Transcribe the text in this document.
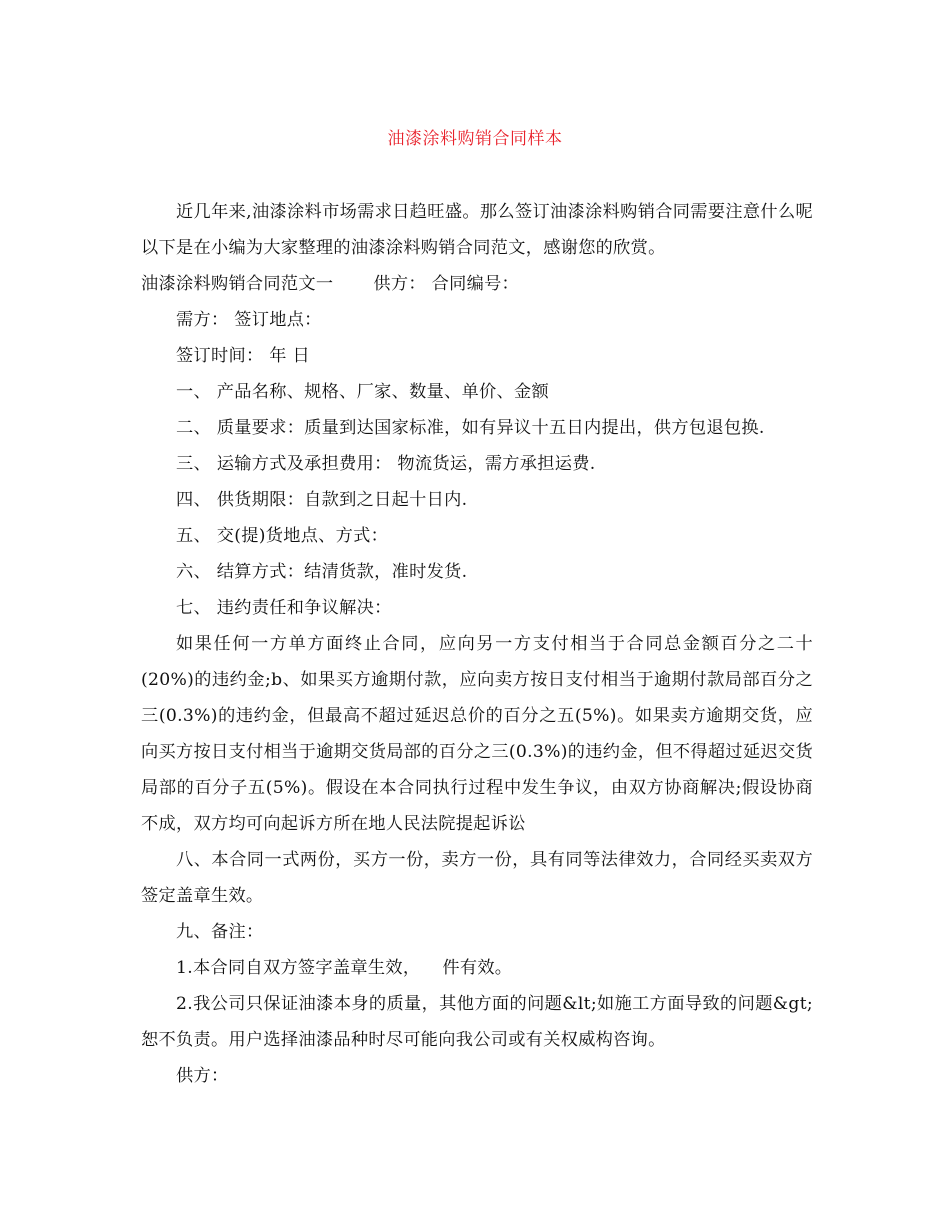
油漆涂料购销合同样本

近几年来,油漆涂料市场需求日趋旺盛。那么签订油漆涂料购销合同需要注意什么呢以下是在小编为大家整理的油漆涂料购销合同范文，感谢您的欣赏。

油漆涂料购销合同范文一 供方： 合同编号：

需方： 签订地点：

签订时间： 年 日

一、 产品名称、规格、厂家、数量、单价、金额

二、 质量要求：质量到达国家标准，如有异议十五日内提出，供方包退包换.

三、 运输方式及承担费用： 物流货运，需方承担运费.

四、 供货期限：自款到之日起十日内.

五、 交(提)货地点、方式：

六、 结算方式：结清货款，准时发货.

七、 违约责任和争议解决：

如果任何一方单方面终止合同，应向另一方支付相当于合同总金额百分之二十(20%)的违约金;b、如果买方逾期付款，应向卖方按日支付相当于逾期付款局部百分之三(0.3%)的违约金，但最高不超过延迟总价的百分之五(5%)。如果卖方逾期交货，应向买方按日支付相当于逾期交货局部的百分之三(0.3%)的违约金，但不得超过延迟交货局部的百分子五(5%)。假设在本合同执行过程中发生争议，由双方协商解决;假设协商不成，双方均可向起诉方所在地人民法院提起诉讼

八、本合同一式两份，买方一份，卖方一份，具有同等法律效力，合同经买卖双方签定盖章生效。

九、备注：

1.本合同自双方签字盖章生效， 件有效。

2.我公司只保证油漆本身的质量，其他方面的问题&lt;如施工方面导致的问题&gt;恕不负责。用户选择油漆品种时尽可能向我公司或有关权威构咨询。

供方：
